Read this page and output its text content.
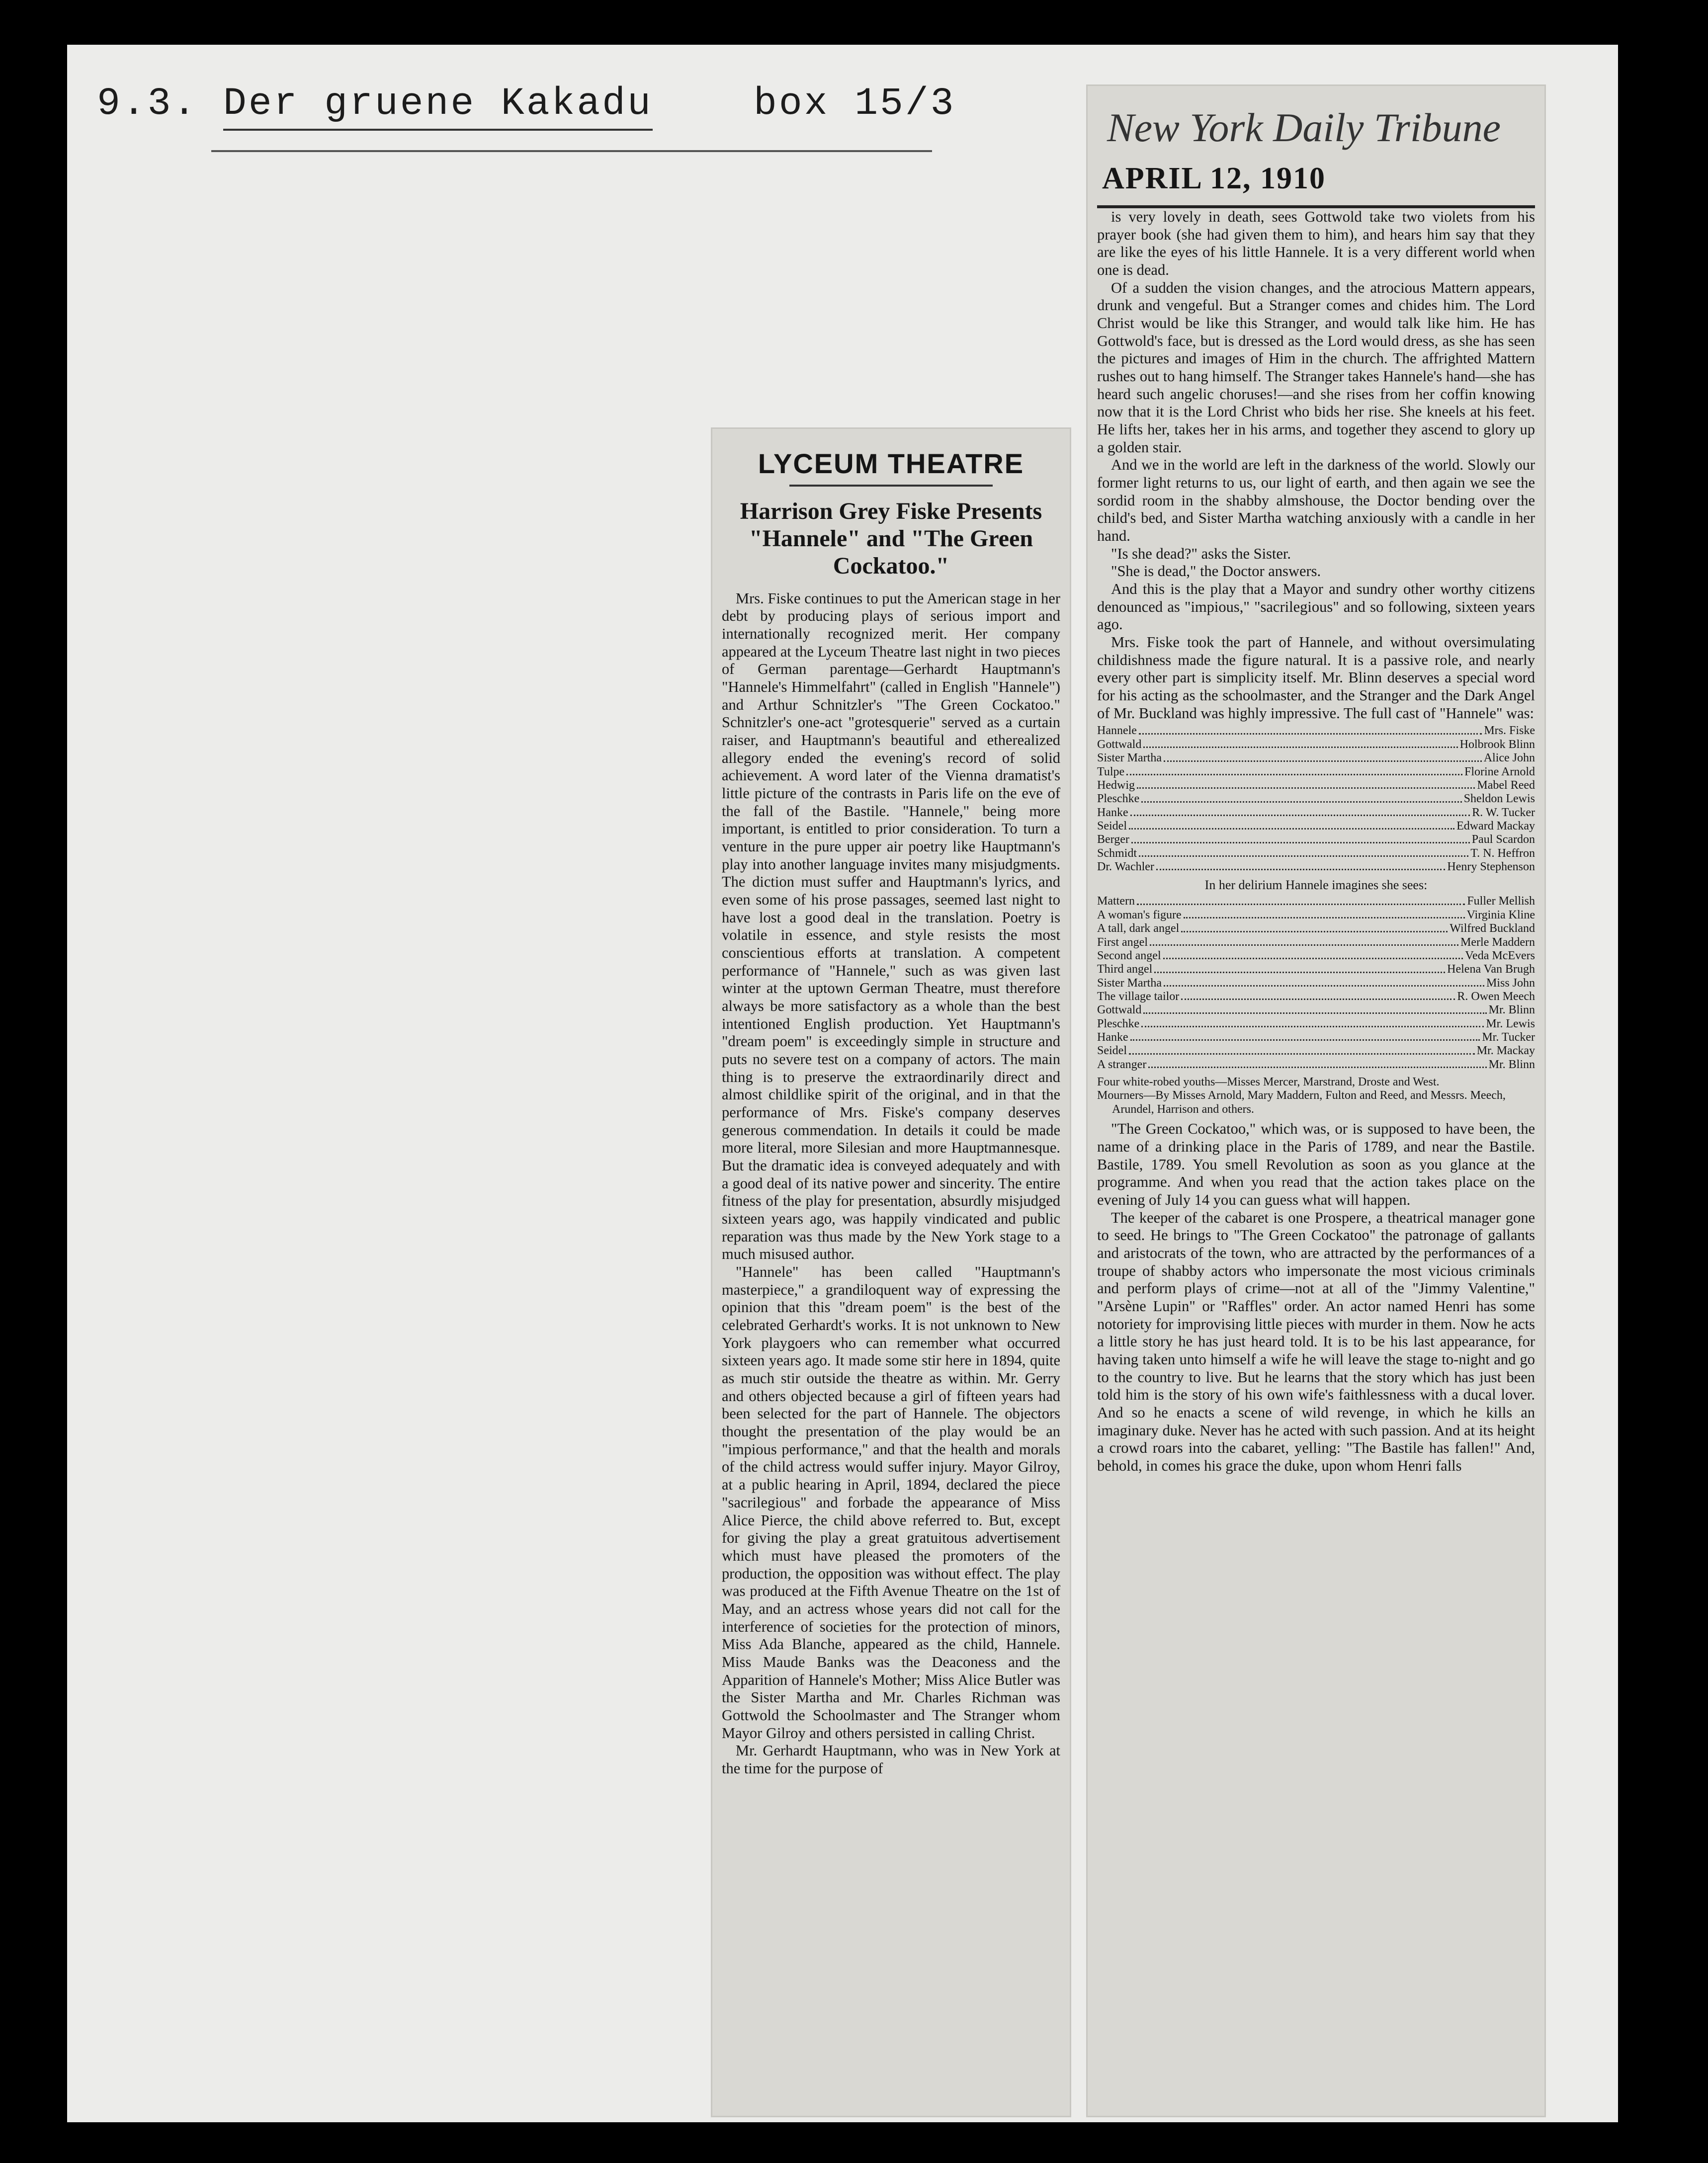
9.3. Der gruene Kakadu	box 15/3
LYCEUM THEATRE
Harrison Grey Fiske Presents "Hannele" and "The Green Cockatoo."

Mrs. Fiske continues to put the American stage in her debt by producing plays of serious import and internationally recognized merit. Her company appeared at the Lyceum Theatre last night in two pieces of German parentage—Gerhardt Hauptmann's "Hannele's Himmelfahrt" (called in English "Hannele") and Arthur Schnitzler's "The Green Cockatoo." Schnitzler's one-act "grotesquerie" served as a curtain raiser, and Hauptmann's beautiful and etherealized allegory ended the evening's record of solid achievement. A word later of the Vienna dramatist's little picture of the contrasts in Paris life on the eve of the fall of the Bastile. "Hannele," being more important, is entitled to prior consideration. To turn a venture in the pure upper air poetry like Hauptmann's play into another language invites many misjudgments. The diction must suffer and Hauptmann's lyrics, and even some of his prose passages, seemed last night to have lost a good deal in the translation. Poetry is volatile in essence, and style resists the most conscientious efforts at translation. A competent performance of "Hannele," such as was given last winter at the uptown German Theatre, must therefore always be more satisfactory as a whole than the best intentioned English production. Yet Hauptmann's "dream poem" is exceedingly simple in structure and puts no severe test on a company of actors. The main thing is to preserve the extraordinarily direct and almost childlike spirit of the original, and in that the performance of Mrs. Fiske's company deserves generous commendation. In details it could be made more literal, more Silesian and more Hauptmannesque. But the dramatic idea is conveyed adequately and with a good deal of its native power and sincerity. The entire fitness of the play for presentation, absurdly misjudged sixteen years ago, was happily vindicated and public reparation was thus made by the New York stage to a much misused author.

"Hannele" has been called "Hauptmann's masterpiece," a grandiloquent way of expressing the opinion that this "dream poem" is the best of the celebrated Gerhardt's works. It is not unknown to New York playgoers who can remember what occurred sixteen years ago. It made some stir here in 1894, quite as much stir outside the theatre as within. Mr. Gerry and others objected because a girl of fifteen years had been selected for the part of Hannele. The objectors thought the presentation of the play would be an "impious performance," and that the health and morals of the child actress would suffer injury. Mayor Gilroy, at a public hearing in April, 1894, declared the piece "sacrilegious" and forbade the appearance of Miss Alice Pierce, the child above referred to. But, except for giving the play a great gratuitous advertisement which must have pleased the promoters of the production, the opposition was without effect. The play was produced at the Fifth Avenue Theatre on the 1st of May, and an actress whose years did not call for the interference of societies for the protection of minors, Miss Ada Blanche, appeared as the child, Hannele. Miss Maude Banks was the Deaconess and the Apparition of Hannele's Mother; Miss Alice Butler was the Sister Martha and Mr. Charles Richman was Gottwold the Schoolmaster and The Stranger whom Mayor Gilroy and others persisted in calling Christ.

Mr. Gerhardt Hauptmann, who was in New York at the time for the purpose of

New York Daily Tribune
APRIL 12, 1910

is very lovely in death, sees Gottwold take two violets from his prayer book (she had given them to him), and hears him say that they are like the eyes of his little Hannele. It is a very different world when one is dead.

Of a sudden the vision changes, and the atrocious Mattern appears, drunk and vengeful. But a Stranger comes and chides him. The Lord Christ would be like this Stranger, and would talk like him. He has Gottwold's face, but is dressed as the Lord would dress, as she has seen the pictures and images of Him in the church. The affrighted Mattern rushes out to hang himself. The Stranger takes Hannele's hand—she has heard such angelic choruses!—and she rises from her coffin knowing now that it is the Lord Christ who bids her rise. She kneels at his feet. He lifts her, takes her in his arms, and together they ascend to glory up a golden stair.

And we in the world are left in the darkness of the world. Slowly our former light returns to us, our light of earth, and then again we see the sordid room in the shabby almshouse, the Doctor bending over the child's bed, and Sister Martha watching anxiously with a candle in her hand.

"Is she dead?" asks the Sister.

"She is dead," the Doctor answers.

And this is the play that a Mayor and sundry other worthy citizens denounced as "impious," "sacrilegious" and so following, sixteen years ago.

Mrs. Fiske took the part of Hannele, and without oversimulating childishness made the figure natural. It is a passive role, and nearly every other part is simplicity itself. Mr. Blinn deserves a special word for his acting as the schoolmaster, and the Stranger and the Dark Angel of Mr. Buckland was highly impressive. The full cast of "Hannele" was:

Hannele	Mrs. Fiske
Gottwald	Holbrook Blinn
Sister Martha	Alice John
Tulpe	Florine Arnold
Hedwig	Mabel Reed
Pleschke	Sheldon Lewis
Hanke	R. W. Tucker
Seidel	Edward Mackay
Berger	Paul Scardon
Schmidt	T. N. Heffron
Dr. Wachler	Henry Stephenson
In her delirium Hannele imagines she sees:
Mattern	Fuller Mellish
A woman's figure	Virginia Kline
A tall, dark angel	Wilfred Buckland
First angel	Merle Maddern
Second angel	Veda McEvers
Third angel	Helena Van Brugh
Sister Martha	Miss John
The village tailor	R. Owen Meech
Gottwald	Mr. Blinn
Pleschke	Mr. Lewis
Hanke	Mr. Tucker
Seidel	Mr. Mackay
A stranger	Mr. Blinn
Four white-robed youths—Misses Mercer, Marstrand, Droste and West.
Mourners—By Misses Arnold, Mary Maddern, Fulton and Reed, and Messrs. Meech, Arundel, Harrison and others.

"The Green Cockatoo," which was, or is supposed to have been, the name of a drinking place in the Paris of 1789, and near the Bastile. Bastile, 1789. You smell Revolution as soon as you glance at the programme. And when you read that the action takes place on the evening of July 14 you can guess what will happen.

The keeper of the cabaret is one Prospere, a theatrical manager gone to seed. He brings to "The Green Cockatoo" the patronage of gallants and aristocrats of the town, who are attracted by the performances of a troupe of shabby actors who impersonate the most vicious criminals and perform plays of crime—not at all of the "Jimmy Valentine," "Arsène Lupin" or "Raffles" order. An actor named Henri has some notoriety for improvising little pieces with murder in them. Now he acts a little story he has just heard told. It is to be his last appearance, for having taken unto himself a wife he will leave the stage to-night and go to the country to live. But he learns that the story which has just been told him is the story of his own wife's faithlessness with a ducal lover. And so he enacts a scene of wild revenge, in which he kills an imaginary duke. Never has he acted with such passion. And at its height a crowd roars into the cabaret, yelling: "The Bastile has fallen!" And, behold, in comes his grace the duke, upon whom Henri falls
